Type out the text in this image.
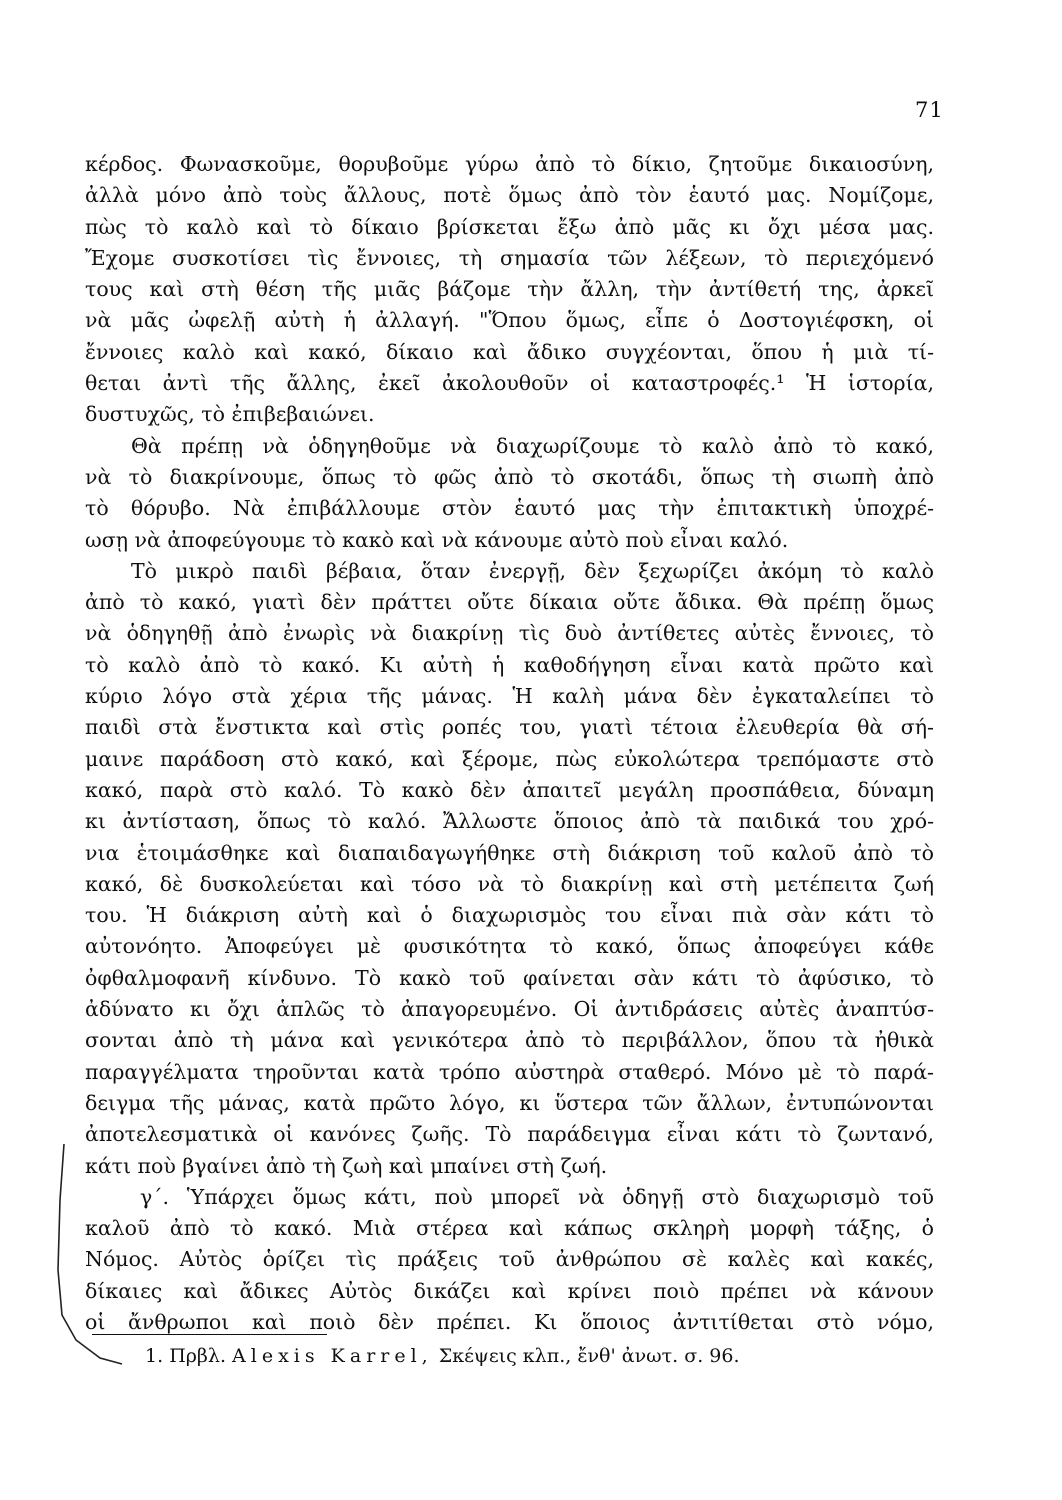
71
κέρδος. Φωνασκοῦμε, θορυβοῦμε γύρω ἀπὸ τὸ δίκιο, ζητοῦμε δικαιοσύνη,
ἀλλὰ μόνο ἀπὸ τοὺς ἄλλους, ποτὲ ὅμως ἀπὸ τὸν ἑαυτό μας. Νομίζομε,
πὼς τὸ καλὸ καὶ τὸ δίκαιο βρίσκεται ἔξω ἀπὸ μᾶς κι ὄχι μέσα μας.
Ἔχομε συσκοτίσει τὶς ἔννοιες, τὴ σημασία τῶν λέξεων, τὸ περιεχόμενό
τους καὶ στὴ θέση τῆς μιᾶς βάζομε τὴν ἄλλη, τὴν ἀντίθετή της, ἀρκεῖ
νὰ μᾶς ὠφελῇ αὐτὴ ἡ ἀλλαγή. "Ὅπου ὅμως, εἶπε ὁ Δοστογιέφσκη, οἱ
ἔννοιες καλὸ καὶ κακό, δίκαιο καὶ ἄδικο συγχέονται, ὅπου ἡ μιὰ τί-
θεται ἀντὶ τῆς ἄλλης, ἐκεῖ ἀκολουθοῦν οἱ καταστροφές.¹ Ἡ ἱστορία,
δυστυχῶς, τὸ ἐπιβεβαιώνει.
Θὰ πρέπῃ νὰ ὁδηγηθοῦμε νὰ διαχωρίζουμε τὸ καλὸ ἀπὸ τὸ κακό,
νὰ τὸ διακρίνουμε, ὅπως τὸ φῶς ἀπὸ τὸ σκοτάδι, ὅπως τὴ σιωπὴ ἀπὸ
τὸ θόρυβο. Νὰ ἐπιβάλλουμε στὸν ἑαυτό μας τὴν ἐπιτακτικὴ ὑποχρέ-
ωσῃ νὰ ἀποφεύγουμε τὸ κακὸ καὶ νὰ κάνουμε αὐτὸ ποὺ εἶναι καλό.
Τὸ μικρὸ παιδὶ βέβαια, ὅταν ἐνεργῇ, δὲν ξεχωρίζει ἀκόμη τὸ καλὸ
ἀπὸ τὸ κακό, γιατὶ δὲν πράττει οὔτε δίκαια οὔτε ἄδικα. Θὰ πρέπῃ ὅμως
νὰ ὁδηγηθῇ ἀπὸ ἐνωρὶς νὰ διακρίνῃ τὶς δυὸ ἀντίθετες αὐτὲς ἔννοιες, τὸ
τὸ καλὸ ἀπὸ τὸ κακό. Κι αὐτὴ ἡ καθοδήγηση εἶναι κατὰ πρῶτο καὶ
κύριο λόγο στὰ χέρια τῆς μάνας. Ἡ καλὴ μάνα δὲν ἐγκαταλείπει τὸ
παιδὶ στὰ ἔνστικτα καὶ στὶς ροπές του, γιατὶ τέτοια ἐλευθερία θὰ σή-
μαινε παράδοση στὸ κακό, καὶ ξέρομε, πὼς εὐκολώτερα τρεπόμαστε στὸ
κακό, παρὰ στὸ καλό. Τὸ κακὸ δὲν ἀπαιτεῖ μεγάλη προσπάθεια, δύναμη
κι ἀντίσταση, ὅπως τὸ καλό. Ἄλλωστε ὅποιος ἀπὸ τὰ παιδικά του χρό-
νια ἑτοιμάσθηκε καὶ διαπαιδαγωγήθηκε στὴ διάκριση τοῦ καλοῦ ἀπὸ τὸ
κακό, δὲ δυσκολεύεται καὶ τόσο νὰ τὸ διακρίνῃ καὶ στὴ μετέπειτα ζωή
του. Ἡ διάκριση αὐτὴ καὶ ὁ διαχωρισμὸς του εἶναι πιὰ σὰν κάτι τὸ
αὐτονόητο. Ἀποφεύγει μὲ φυσικότητα τὸ κακό, ὅπως ἀποφεύγει κάθε
ὀφθαλμοφανῆ κίνδυνο. Τὸ κακὸ τοῦ φαίνεται σὰν κάτι τὸ ἀφύσικο, τὸ
ἀδύνατο κι ὄχι ἁπλῶς τὸ ἀπαγορευμένο. Οἱ ἀντιδράσεις αὐτὲς ἀναπτύσ-
σονται ἀπὸ τὴ μάνα καὶ γενικότερα ἀπὸ τὸ περιβάλλον, ὅπου τὰ ἠθικὰ
παραγγέλματα τηροῦνται κατὰ τρόπο αὐστηρὰ σταθερό. Μόνο μὲ τὸ παρά-
δειγμα τῆς μάνας, κατὰ πρῶτο λόγο, κι ὕστερα τῶν ἄλλων, ἐντυπώνονται
ἀποτελεσματικὰ οἱ κανόνες ζωῆς. Τὸ παράδειγμα εἶναι κάτι τὸ ζωντανό,
κάτι ποὺ βγαίνει ἀπὸ τὴ ζωὴ καὶ μπαίνει στὴ ζωή.
γ΄. Ὑπάρχει ὅμως κάτι, ποὺ μπορεῖ νὰ ὁδηγῇ στὸ διαχωρισμὸ τοῦ
καλοῦ ἀπὸ τὸ κακό. Μιὰ στέρεα καὶ κάπως σκληρὴ μορφὴ τάξης, ὁ
Νόμος. Αὐτὸς ὁρίζει τὶς πράξεις τοῦ ἀνθρώπου σὲ καλὲς καὶ κακές,
δίκαιες καὶ ἄδικες Αὐτὸς δικάζει καὶ κρίνει ποιὸ πρέπει νὰ κάνουν
οἱ ἄνθρωποι καὶ ποιὸ δὲν πρέπει. Κι ὅποιος ἀντιτίθεται στὸ νόμο,
1. Πρβλ. Alexis Karrel, Σκέψεις κλπ., ἔνθ' ἀνωτ. σ. 96.
